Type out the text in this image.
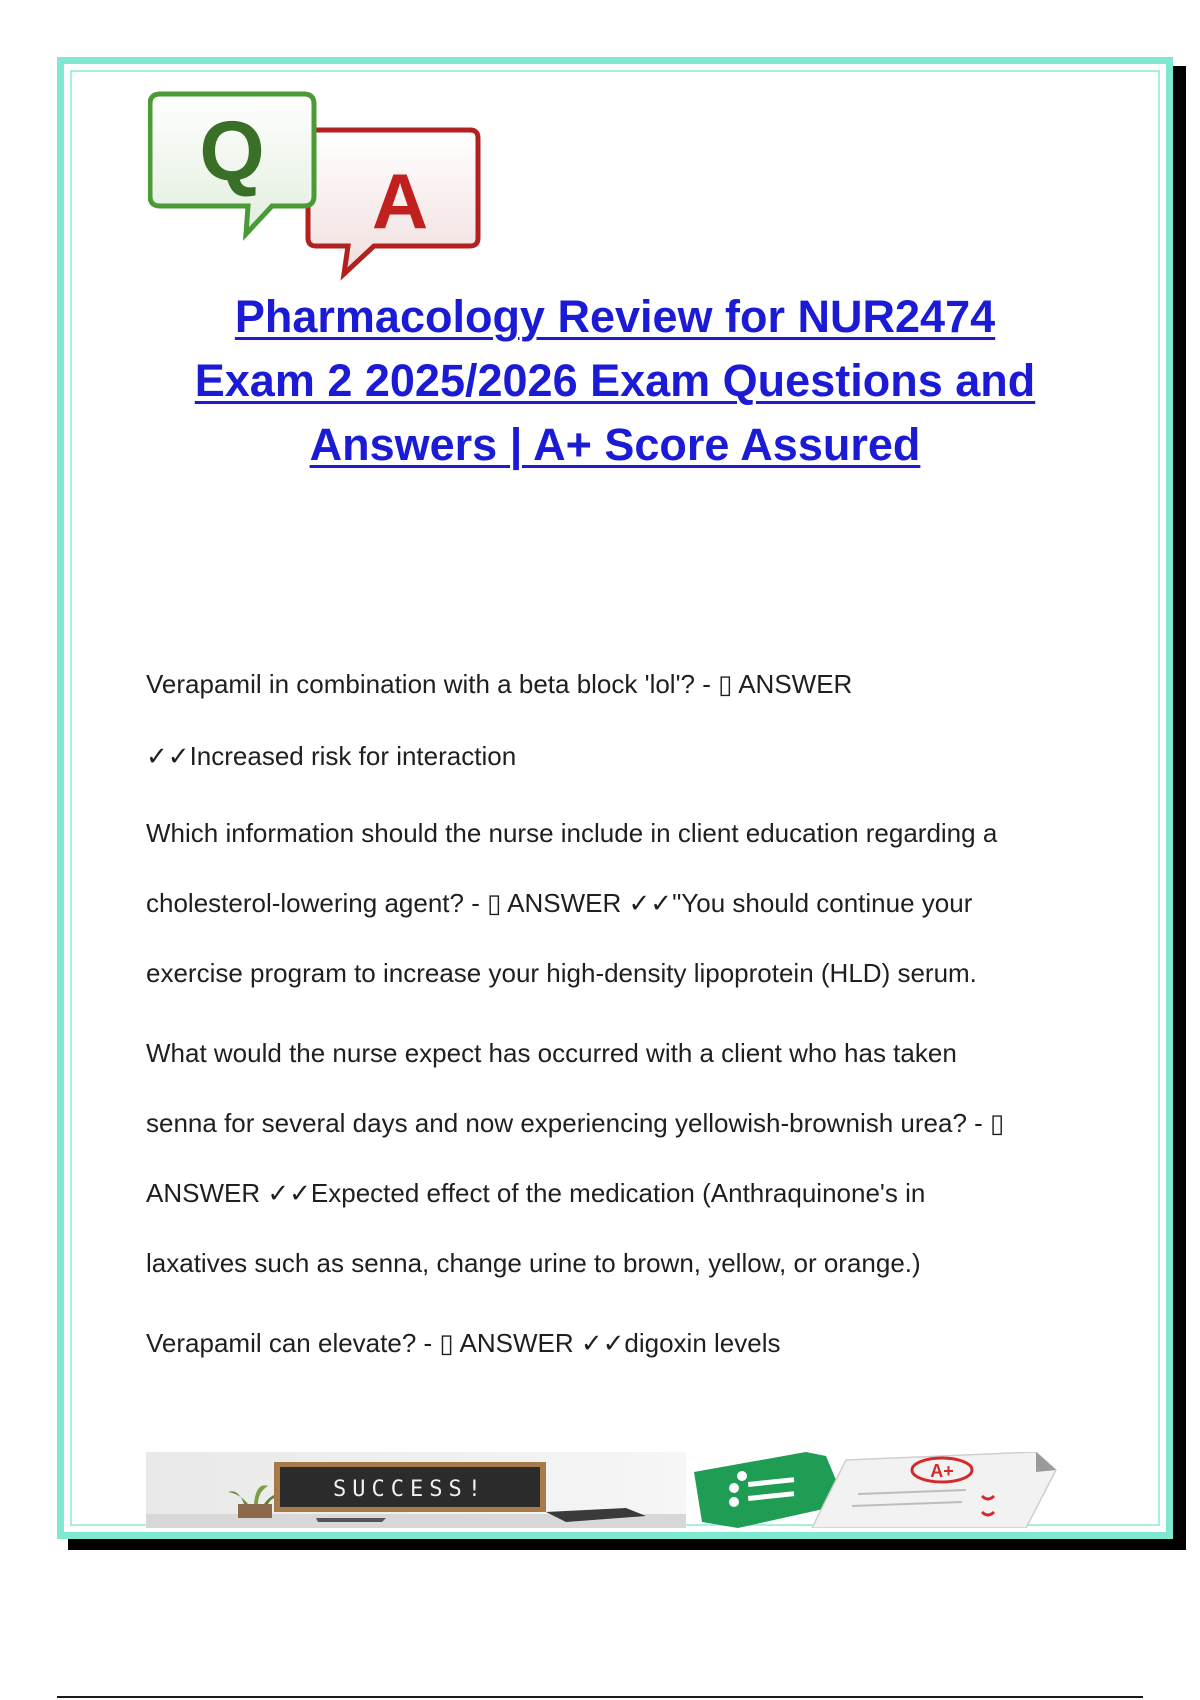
Q
A
Pharmacology Review for NUR2474
Exam 2 2025/2026 Exam Questions and
Answers | A+ Score Assured

Verapamil in combination with a beta block 'lol'? - ▯ ANSWER
✓✓Increased risk for interaction

Which information should the nurse include in client education regarding a
cholesterol-lowering agent? - ▯ ANSWER ✓✓"You should continue your
exercise program to increase your high-density lipoprotein (HLD) serum.

What would the nurse expect has occurred with a client who has taken
senna for several days and now experiencing yellowish-brownish urea? - ▯
ANSWER ✓✓Expected effect of the medication (Anthraquinone's in
laxatives such as senna, change urine to brown, yellow, or orange.)

Verapamil can elevate? - ▯ ANSWER ✓✓digoxin levels

SUCCESS!
A+
